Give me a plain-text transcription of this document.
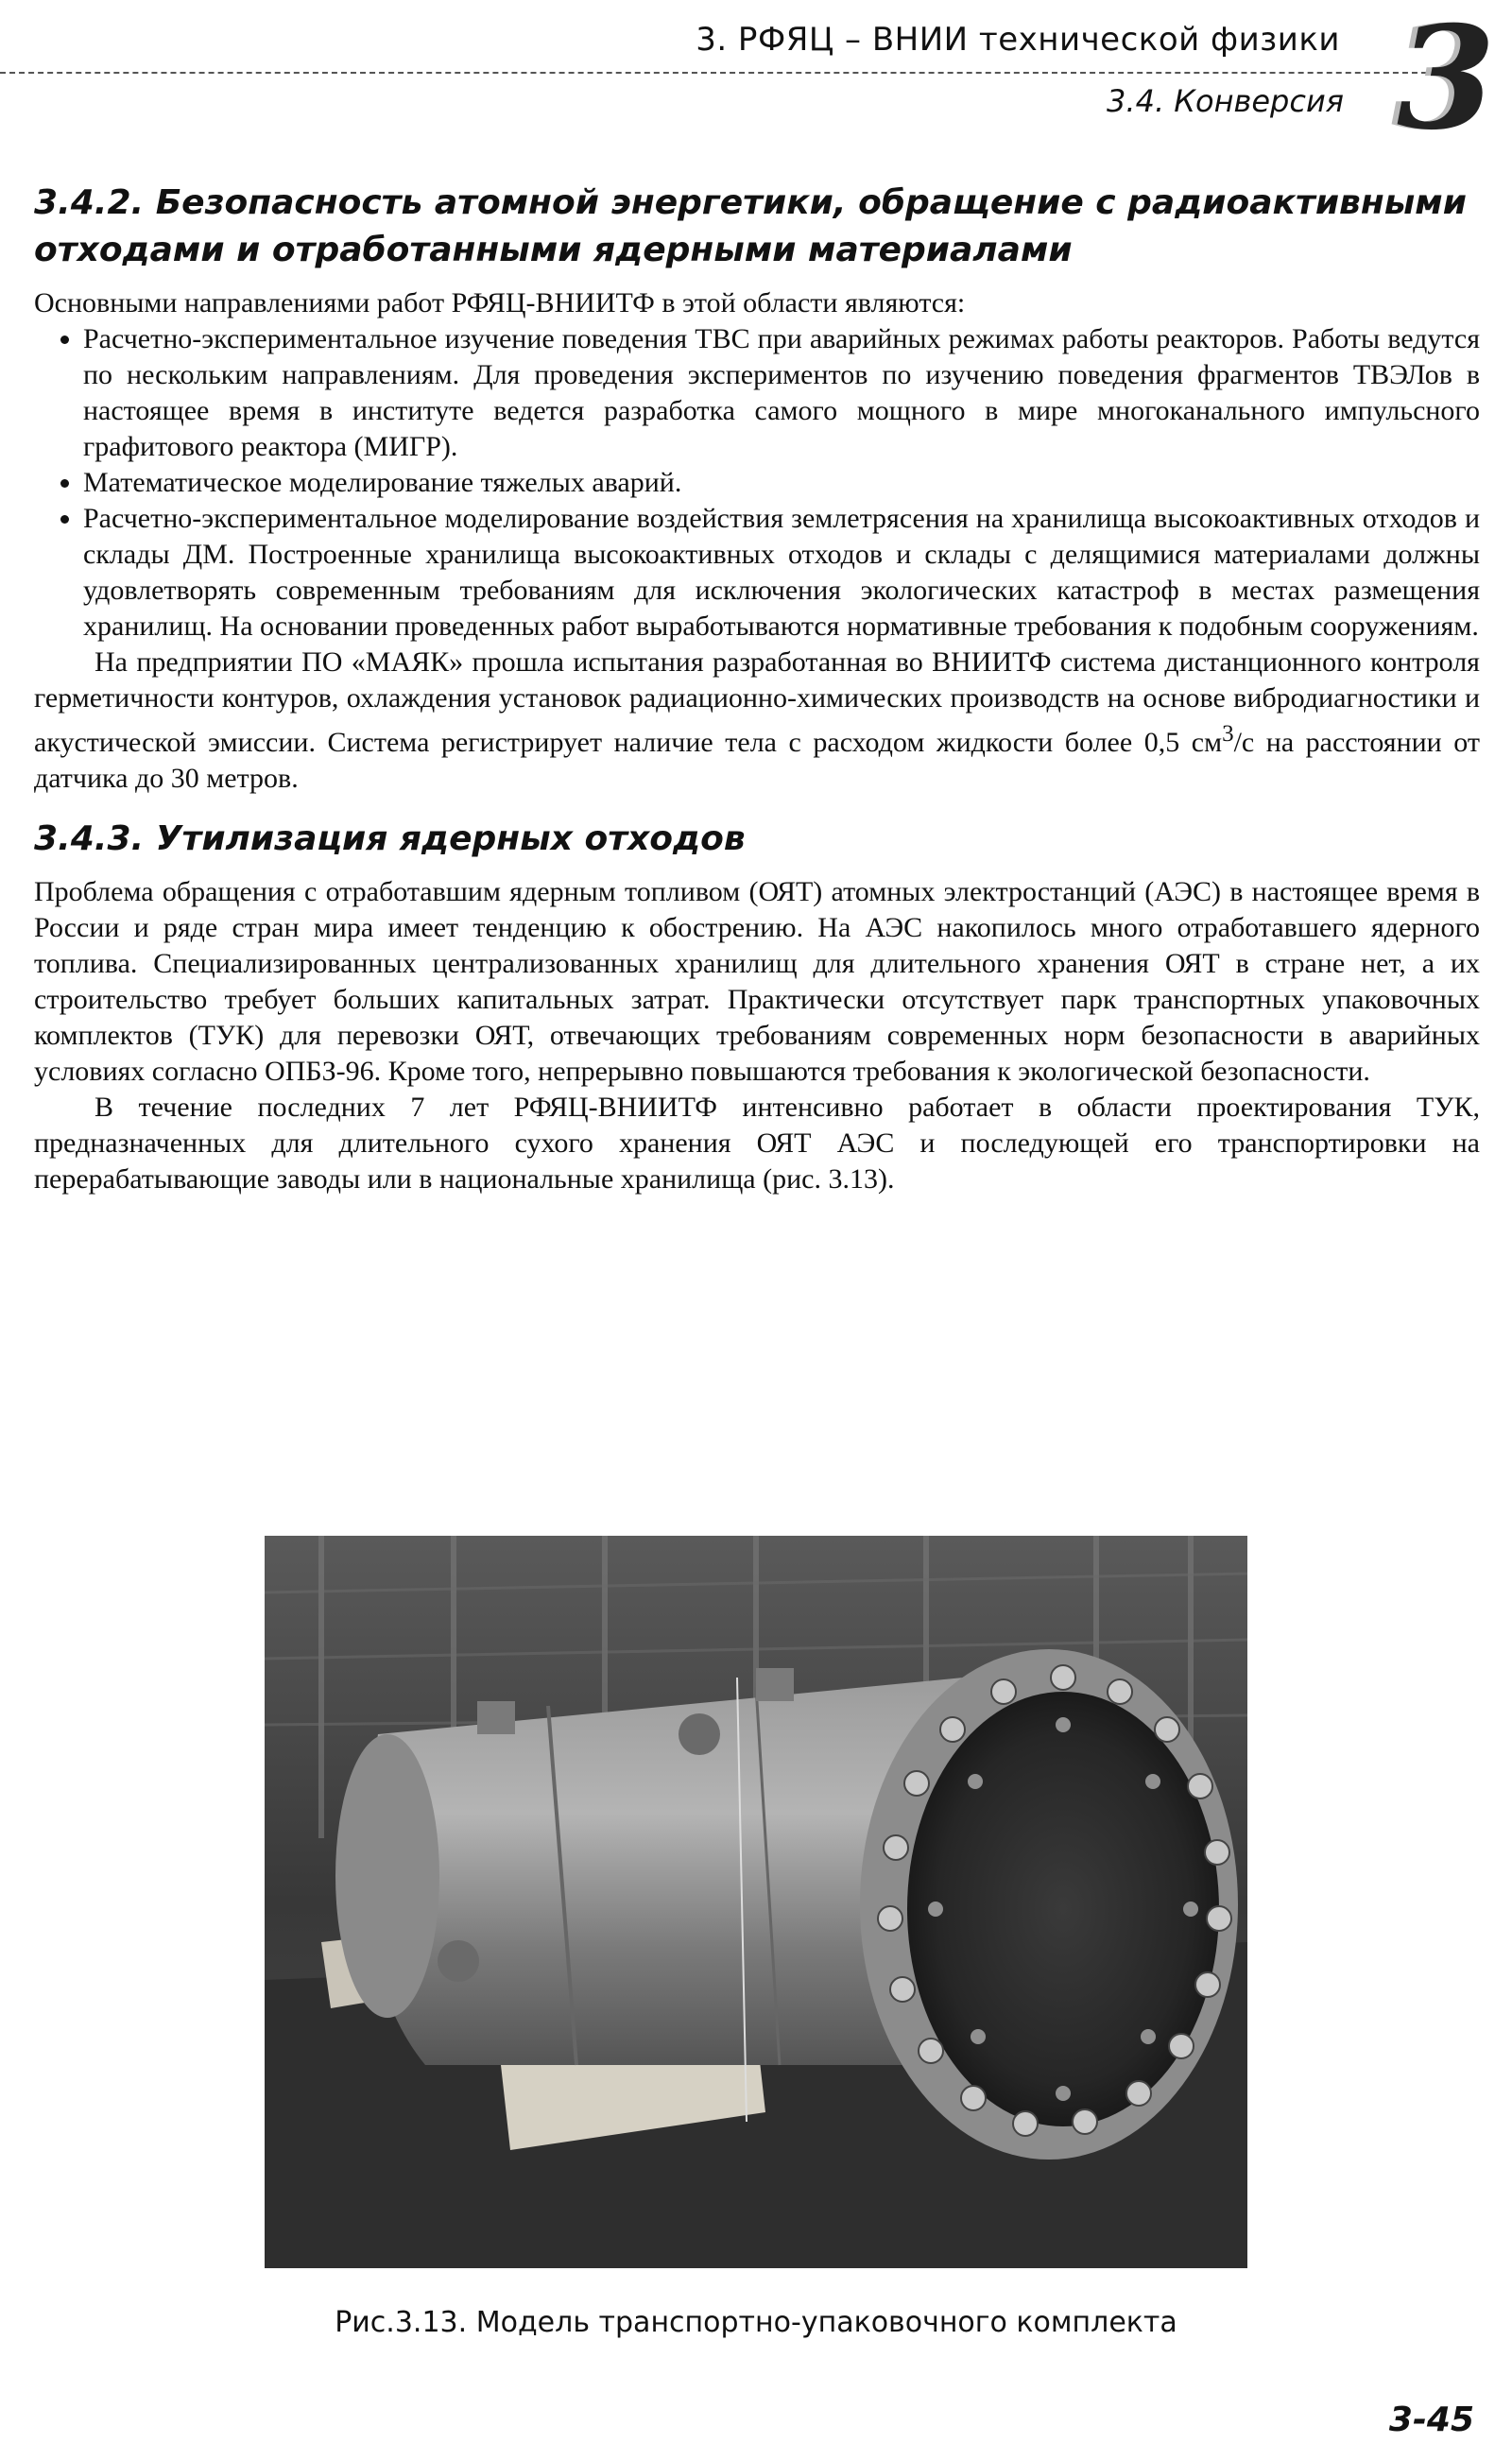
3. РФЯЦ – ВНИИ технической физики
3.4. Конверсия 3
3.4.2. Безопасность атомной энергетики, обращение с радиоактивными отходами и отработанными ядерными материалами

Основными направлениями работ РФЯЦ-ВНИИТФ в этой области являются:

• Расчетно-экспериментальное изучение поведения ТВС при аварийных режимах работы реакторов. Работы ведутся по нескольким направлениям. Для проведения экспериментов по изучению поведения фрагментов ТВЭЛов в настоящее время в институте ведется разработка самого мощного в мире многоканального импульсного графитового реактора (МИГР).
• Математическое моделирование тяжелых аварий.
• Расчетно-экспериментальное моделирование воздействия землетрясения на хранилища высокоактивных отходов и склады ДМ. Построенные хранилища высокоактивных отходов и склады с делящимися материалами должны удовлетворять современным требованиям для исключения экологических катастроф в местах размещения хранилищ. На основании проведенных работ выработываются нормативные требования к подобным сооружениям.

На предприятии ПО «МАЯК» прошла испытания разработанная во ВНИИТФ система дистанционного контроля герметичности контуров, охлаждения установок радиационно-химических производств на основе вибродиагностики и акустической эмиссии. Система регистрирует наличие тела с расходом жидкости более 0,5 $см^3/с$ на расстоянии от датчика до 30 метров.

3.4.3. Утилизация ядерных отходов

Проблема обращения с отработавшим ядерным топливом (ОЯТ) атомных электростанций (АЭС) в настоящее время в России и ряде стран мира имеет тенденцию к обострению. На АЭС накопилось много отработавшего ядерного топлива. Специализированных централизованных хранилищ для длительного хранения ОЯТ в стране нет, а их строительство требует больших капитальных затрат. Практически отсутствует парк транспортных упаковочных комплектов (ТУК) для перевозки ОЯТ, отвечающих требованиям современных норм безопасности в аварийных условиях согласно ОПБЗ-96. Кроме того, непрерывно повышаются требования к экологической безопасности.

В течение последних 7 лет РФЯЦ-ВНИИТФ интенсивно работает в области проектирования ТУК, предназначенных для длительного сухого хранения ОЯТ АЭС и последующей его транспортировки на перерабатывающие заводы или в национальные хранилища (рис. 3.13).

Рис.3.13. Модель транспортно-упаковочного комплекта
3-45
